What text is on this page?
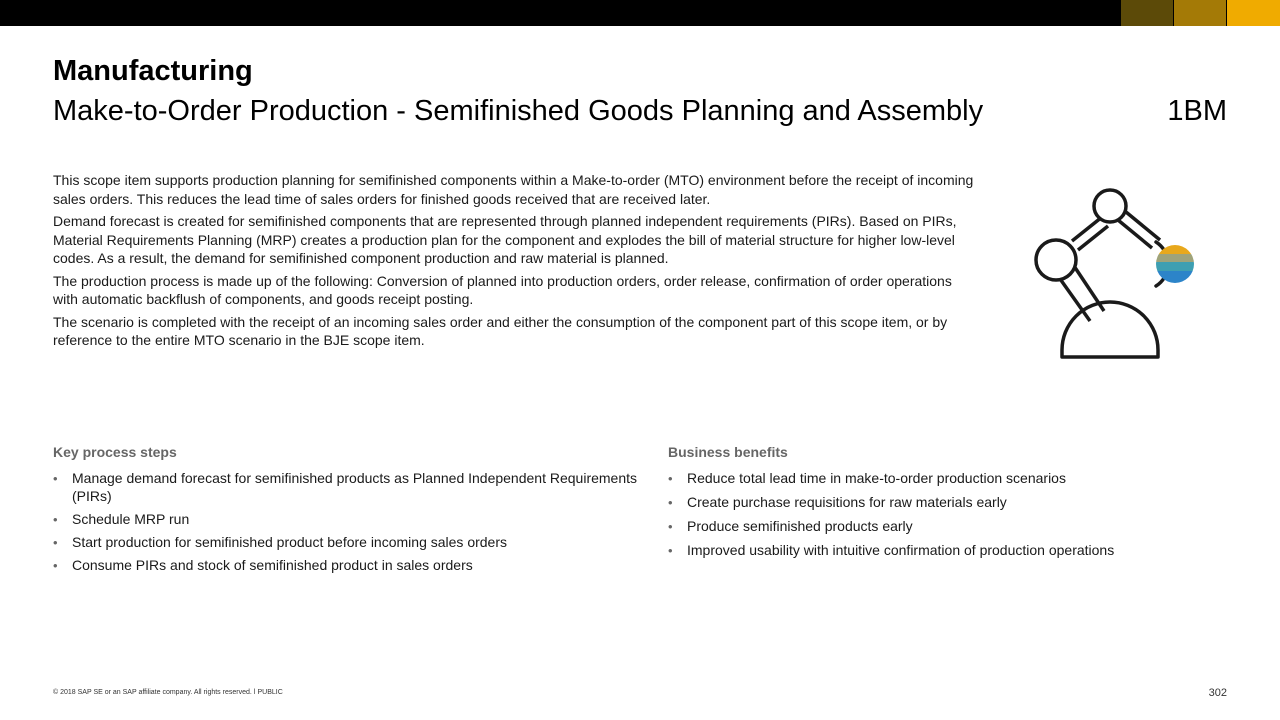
Manufacturing
Make-to-Order Production - Semifinished Goods Planning and Assembly	1BM

This scope item supports production planning for semifinished components within a Make-to-order (MTO) environment before the receipt of incoming sales orders. This reduces the lead time of sales orders for finished goods received that are received later.

Demand forecast is created for semifinished components that are represented through planned independent requirements (PIRs). Based on PIRs, Material Requirements Planning (MRP) creates a production plan for the component and explodes the bill of material structure for higher low-level codes. As a result, the demand for semifinished component production and raw material is planned.

The production process is made up of the following: Conversion of planned into production orders, order release, confirmation of order operations with automatic backflush of components, and goods receipt posting.

The scenario is completed with the receipt of an incoming sales order and either the consumption of the component part of this scope item, or by reference to the entire MTO scenario in the BJE scope item.

Key process steps
• Manage demand forecast for semifinished products as Planned Independent Requirements (PIRs)
• Schedule MRP run
• Start production for semifinished product before incoming sales orders
• Consume PIRs and stock of semifinished product in sales orders
Business benefits
• Reduce total lead time in make-to-order production scenarios
• Create purchase requisitions for raw materials early
• Produce semifinished products early
• Improved usability with intuitive confirmation of production operations
© 2018 SAP SE or an SAP affiliate company. All rights reserved. ǀ PUBLIC	302
